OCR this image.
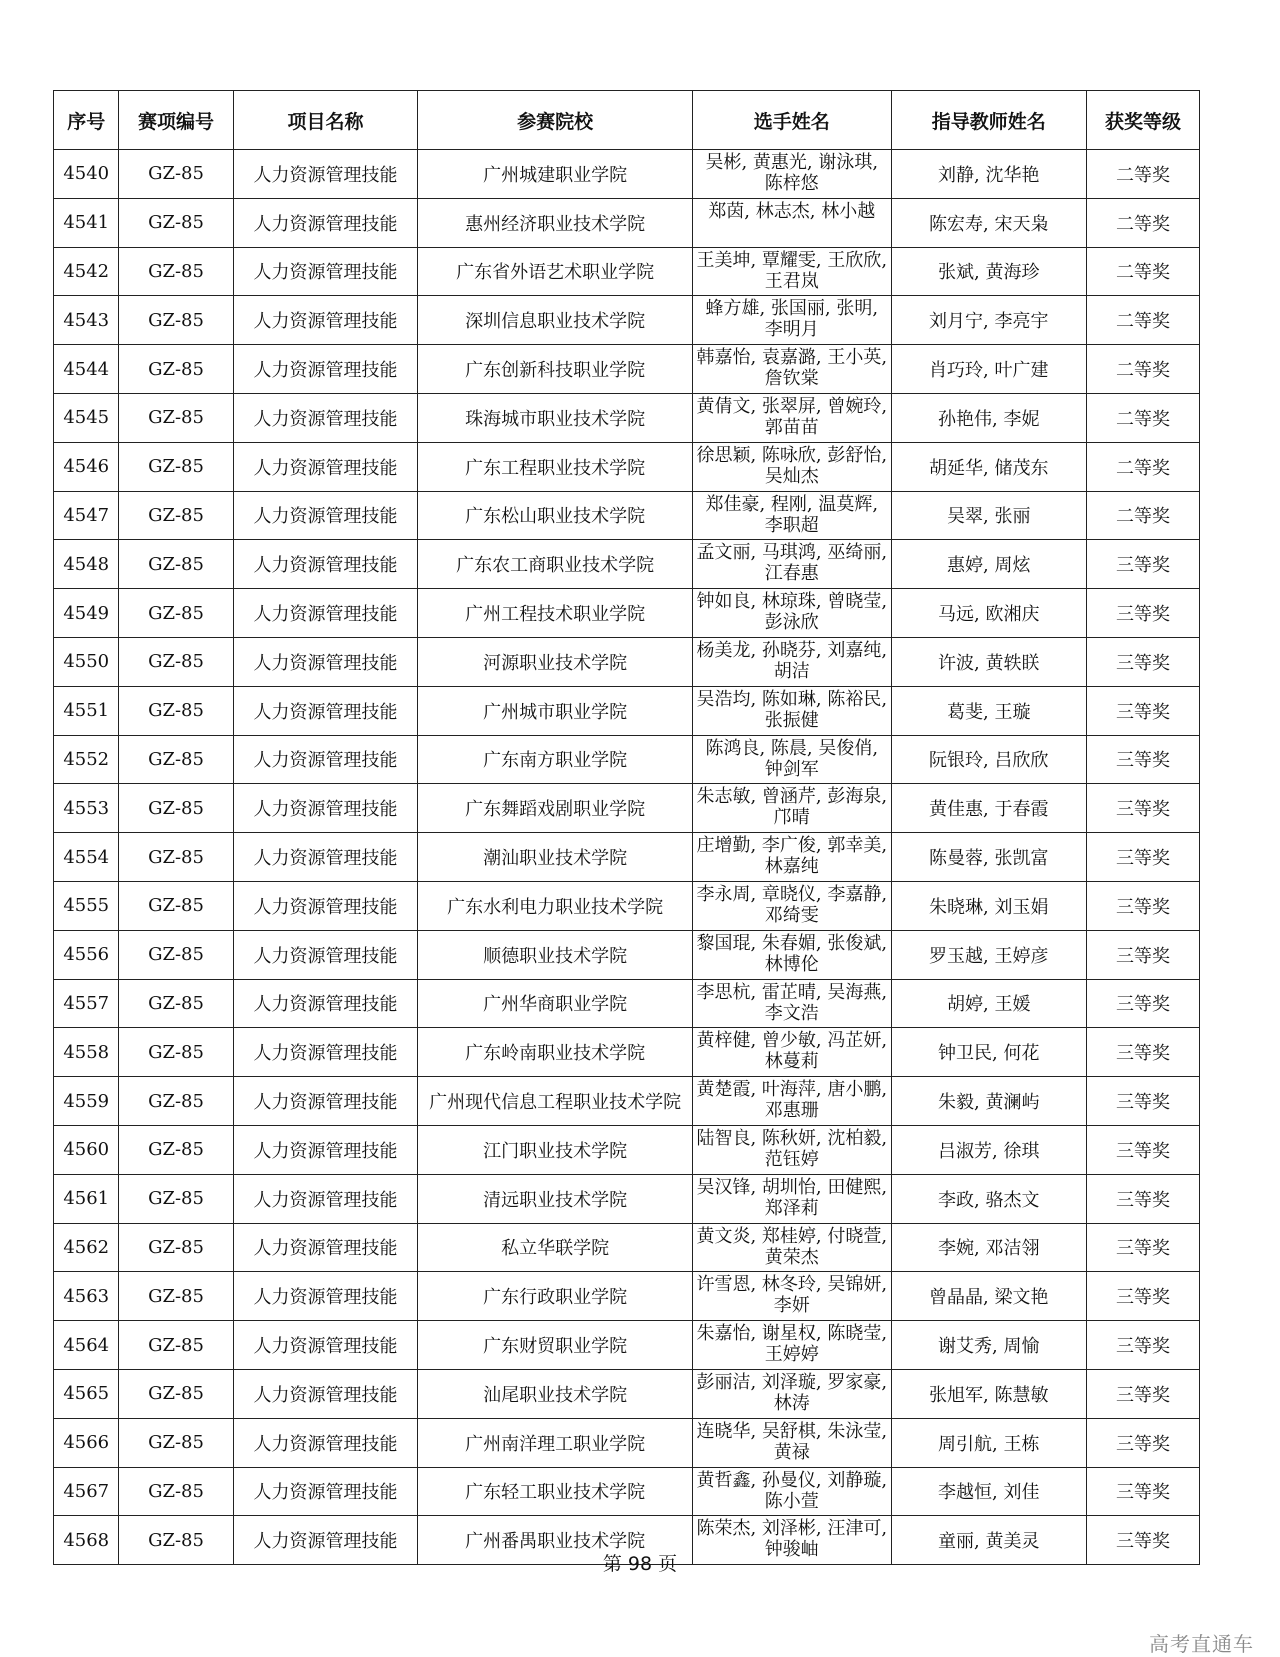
序号	赛项编号	项目名称	参赛院校	选手姓名	指导教师姓名	获奖等级
4540	GZ-85	人力资源管理技能	广州城建职业学院	吴彬, 黄惠光, 谢泳琪, 陈梓悠	刘静, 沈华艳	二等奖
4541	GZ-85	人力资源管理技能	惠州经济职业技术学院	郑茵, 林志杰, 林小越	陈宏寿, 宋天枭	二等奖
4542	GZ-85	人力资源管理技能	广东省外语艺术职业学院	王美坤, 覃耀雯, 王欣欣, 王君岚	张斌, 黄海珍	二等奖
4543	GZ-85	人力资源管理技能	深圳信息职业技术学院	蜂方雄, 张国丽, 张明, 李明月	刘月宁, 李亮宇	二等奖
4544	GZ-85	人力资源管理技能	广东创新科技职业学院	韩嘉怡, 袁嘉潞, 王小英, 詹钦棠	肖巧玲, 叶广建	二等奖
4545	GZ-85	人力资源管理技能	珠海城市职业技术学院	黄倩文, 张翠屏, 曾婉玲, 郭苗苗	孙艳伟, 李妮	二等奖
4546	GZ-85	人力资源管理技能	广东工程职业技术学院	徐思颖, 陈咏欣, 彭舒怡, 吴灿杰	胡延华, 储茂东	二等奖
4547	GZ-85	人力资源管理技能	广东松山职业技术学院	郑佳豪, 程刚, 温莫辉, 李职超	吴翠, 张丽	二等奖
4548	GZ-85	人力资源管理技能	广东农工商职业技术学院	孟文丽, 马琪鸿, 巫绮丽, 江春惠	惠婷, 周炫	三等奖
4549	GZ-85	人力资源管理技能	广州工程技术职业学院	钟如良, 林琼珠, 曾晓莹, 彭泳欣	马远, 欧湘庆	三等奖
4550	GZ-85	人力资源管理技能	河源职业技术学院	杨美龙, 孙晓芬, 刘嘉纯, 胡洁	许波, 黄轶眹	三等奖
4551	GZ-85	人力资源管理技能	广州城市职业学院	吴浩均, 陈如琳, 陈裕民, 张振健	葛斐, 王璇	三等奖
4552	GZ-85	人力资源管理技能	广东南方职业学院	陈鸿良, 陈晨, 吴俊俏, 钟剑军	阮银玲, 吕欣欣	三等奖
4553	GZ-85	人力资源管理技能	广东舞蹈戏剧职业学院	朱志敏, 曾涵芹, 彭海泉, 邝晴	黄佳惠, 于春霞	三等奖
4554	GZ-85	人力资源管理技能	潮汕职业技术学院	庄增勤, 李广俊, 郭幸美, 林嘉纯	陈曼蓉, 张凯富	三等奖
4555	GZ-85	人力资源管理技能	广东水利电力职业技术学院	李永周, 章晓仪, 李嘉静, 邓绮雯	朱晓琳, 刘玉娟	三等奖
4556	GZ-85	人力资源管理技能	顺德职业技术学院	黎国琨, 朱春媚, 张俊斌, 林博伦	罗玉越, 王婷彦	三等奖
4557	GZ-85	人力资源管理技能	广州华商职业学院	李思杭, 雷芷晴, 吴海燕, 李文浩	胡婷, 王媛	三等奖
4558	GZ-85	人力资源管理技能	广东岭南职业技术学院	黄梓健, 曾少敏, 冯芷妍, 林蔓莉	钟卫民, 何花	三等奖
4559	GZ-85	人力资源管理技能	广州现代信息工程职业技术学院	黄楚霞, 叶海萍, 唐小鹏, 邓惠珊	朱毅, 黄澜屿	三等奖
4560	GZ-85	人力资源管理技能	江门职业技术学院	陆智良, 陈秋妍, 沈柏毅, 范钰婷	吕淑芳, 徐琪	三等奖
4561	GZ-85	人力资源管理技能	清远职业技术学院	吴汉锋, 胡圳怡, 田健熙, 郑泽莉	李政, 骆杰文	三等奖
4562	GZ-85	人力资源管理技能	私立华联学院	黄文炎, 郑桂婷, 付晓萱, 黄荣杰	李婉, 邓洁翎	三等奖
4563	GZ-85	人力资源管理技能	广东行政职业学院	许雪恩, 林冬玲, 吴锦妍, 李妍	曾晶晶, 梁文艳	三等奖
4564	GZ-85	人力资源管理技能	广东财贸职业学院	朱嘉怡, 谢星权, 陈晓莹, 王婷婷	谢艾秀, 周愉	三等奖
4565	GZ-85	人力资源管理技能	汕尾职业技术学院	彭丽洁, 刘泽璇, 罗家豪, 林涛	张旭军, 陈慧敏	三等奖
4566	GZ-85	人力资源管理技能	广州南洋理工职业学院	连晓华, 吴舒棋, 朱泳莹, 黄禄	周引航, 王栋	三等奖
4567	GZ-85	人力资源管理技能	广东轻工职业技术学院	黄哲鑫, 孙曼仪, 刘静璇, 陈小萱	李越恒, 刘佳	三等奖
4568	GZ-85	人力资源管理技能	广州番禺职业技术学院	陈荣杰, 刘泽彬, 汪津可, 钟骏岫	童丽, 黄美灵	三等奖
第 98 页
高考直通车
